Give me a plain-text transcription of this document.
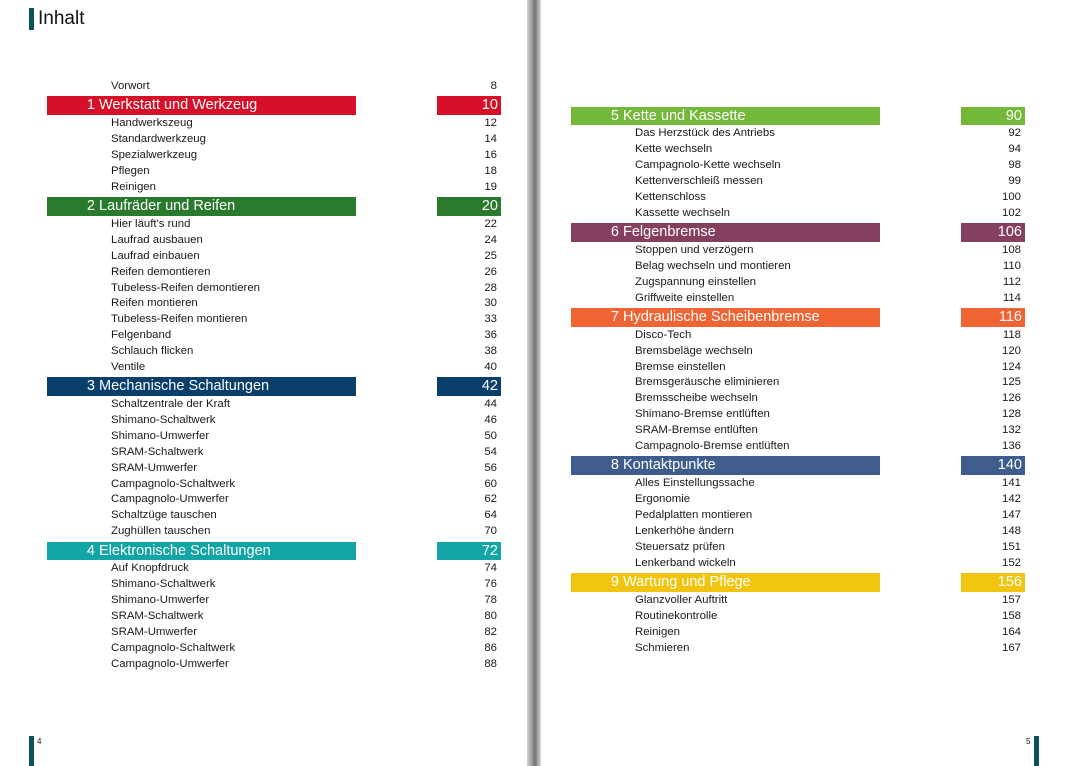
Inhalt
Vorwort	8
1 Werkstatt und Werkzeug	10
Handwerkszeug	12
Standardwerkzeug	14
Spezialwerkzeug	16
Pflegen	18
Reinigen	19
2 Laufräder und Reifen	20
Hier läuft's rund	22
Laufrad ausbauen	24
Laufrad einbauen	25
Reifen demontieren	26
Tubeless-Reifen demontieren	28
Reifen montieren	30
Tubeless-Reifen montieren	33
Felgenband	36
Schlauch flicken	38
Ventile	40
3 Mechanische Schaltungen	42
Schaltzentrale der Kraft	44
Shimano-Schaltwerk	46
Shimano-Umwerfer	50
SRAM-Schaltwerk	54
SRAM-Umwerfer	56
Campagnolo-Schaltwerk	60
Campagnolo-Umwerfer	62
Schaltzüge tauschen	64
Zughüllen tauschen	70
4 Elektronische Schaltungen	72
Auf Knopfdruck	74
Shimano-Schaltwerk	76
Shimano-Umwerfer	78
SRAM-Schaltwerk	80
SRAM-Umwerfer	82
Campagnolo-Schaltwerk	86
Campagnolo-Umwerfer	88
4
5 Kette und Kassette	90
Das Herzstück des Antriebs	92
Kette wechseln	94
Campagnolo-Kette wechseln	98
Kettenverschleiß messen	99
Kettenschloss	100
Kassette wechseln	102
6 Felgenbremse	106
Stoppen und verzögern	108
Belag wechseln und montieren	110
Zugspannung einstellen	112
Griffweite einstellen	114
7 Hydraulische Scheibenbremse	116
Disco-Tech	118
Bremsbeläge wechseln	120
Bremse einstellen	124
Bremsgeräusche eliminieren	125
Bremsscheibe wechseln	126
Shimano-Bremse entlüften	128
SRAM-Bremse entlüften	132
Campagnolo-Bremse entlüften	136
8 Kontaktpunkte	140
Alles Einstellungssache	141
Ergonomie	142
Pedalplatten montieren	147
Lenkerhöhe ändern	148
Steuersatz prüfen	151
Lenkerband wickeln	152
9 Wartung und Pflege	156
Glanzvoller Auftritt	157
Routinekontrolle	158
Reinigen	164
Schmieren	167
5
